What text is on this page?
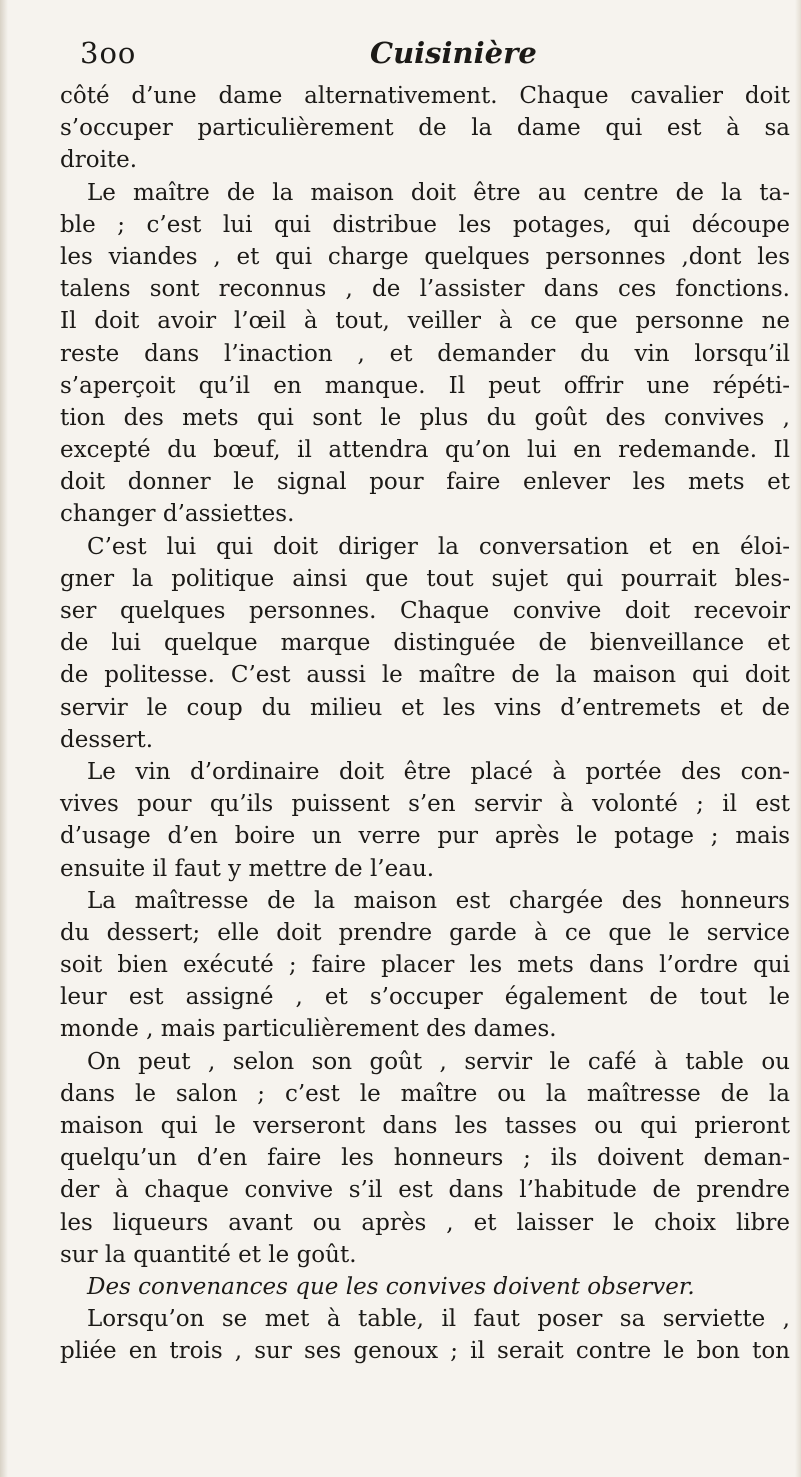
3oo	Cuisinière
côté d’une dame alternativement. Chaque cavalier doit
s’occuper particulièrement de la dame qui est à sa
droite.
Le maître de la maison doit être au centre de la ta-
ble ; c’est lui qui distribue les potages, qui découpe
les viandes , et qui charge quelques personnes ,dont les
talens sont reconnus , de l’assister dans ces fonctions.
Il doit avoir l’œil à tout, veiller à ce que personne ne
reste dans l’inaction , et demander du vin lorsqu’il
s’aperçoit qu’il en manque. Il peut offrir une répéti-
tion des mets qui sont le plus du goût des convives ,
excepté du bœuf, il attendra qu’on lui en redemande. Il
doit donner le signal pour faire enlever les mets et
changer d’assiettes.
C’est lui qui doit diriger la conversation et en éloi-
gner la politique ainsi que tout sujet qui pourrait bles-
ser quelques personnes. Chaque convive doit recevoir
de lui quelque marque distinguée de bienveillance et
de politesse. C’est aussi le maître de la maison qui doit
servir le coup du milieu et les vins d’entremets et de
dessert.
Le vin d’ordinaire doit être placé à portée des con-
vives pour qu’ils puissent s’en servir à volonté ; il est
d’usage d’en boire un verre pur après le potage ; mais
ensuite il faut y mettre de l’eau.
La maîtresse de la maison est chargée des honneurs
du dessert; elle doit prendre garde à ce que le service
soit bien exécuté ; faire placer les mets dans l’ordre qui
leur est assigné , et s’occuper également de tout le
monde , mais particulièrement des dames.
On peut , selon son goût , servir le café à table ou
dans le salon ; c’est le maître ou la maîtresse de la
maison qui le verseront dans les tasses ou qui prieront
quelqu’un d’en faire les honneurs ; ils doivent deman-
der à chaque convive s’il est dans l’habitude de prendre
les liqueurs avant ou après , et laisser le choix libre
sur la quantité et le goût.
Des convenances que les convives doivent observer.
Lorsqu’on se met à table, il faut poser sa serviette ,
pliée en trois , sur ses genoux ; il serait contre le bon ton
